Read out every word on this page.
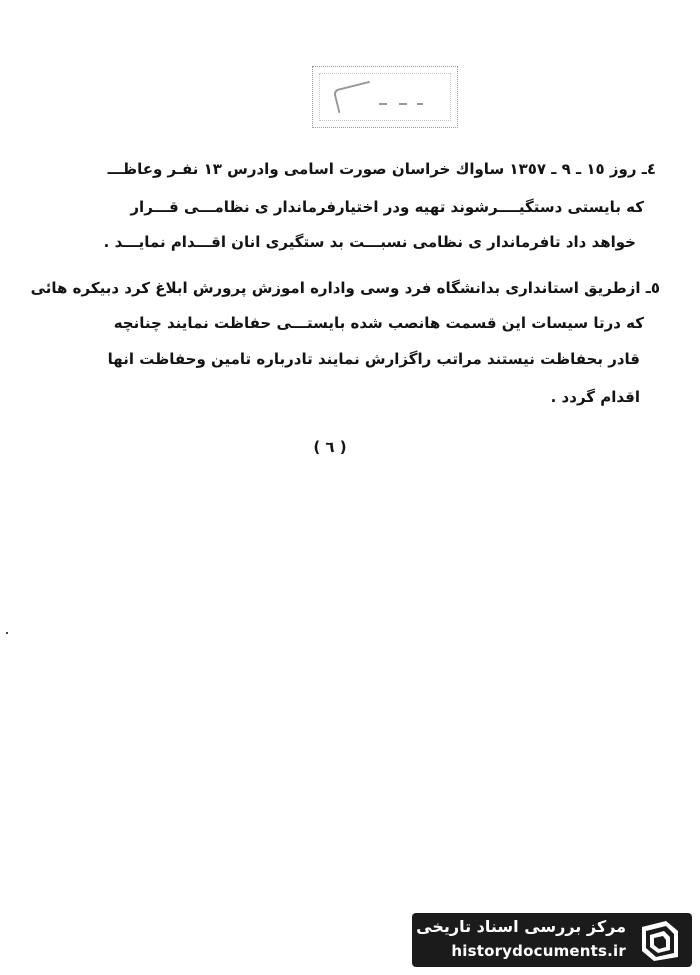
٤ـ روز ١٥ ـ ٩ ـ ١٣٥٧ ساواك خراسان صورت اسامی وادرس ١٣ نفـر وعاظـــ
كه بایستی دستگیــــرشوند تهیه ودر اختیارفرماندار ی نظامـــی قـــرار
خواهد داد تافرماندار ی نظامی نسبـــت بد ستگیری انان اقـــدام نمایـــد .
٥ـ ازطریق استانداری بدانشگاه فرد وسی واداره اموزش پرورش ابلاغ كرد دبیكره هائی
كه درتا سیسات این قسمت هانصب شده بایستـــی حفاظت نمایند چنانچه
قادر بحفاظت نیستند مراتب راگزارش نمایند تادرباره تامین وحفاظت انها
اقدام گردد .
( ٦ )
مرکز بررسی اسناد تاریخی
historydocuments.ir
